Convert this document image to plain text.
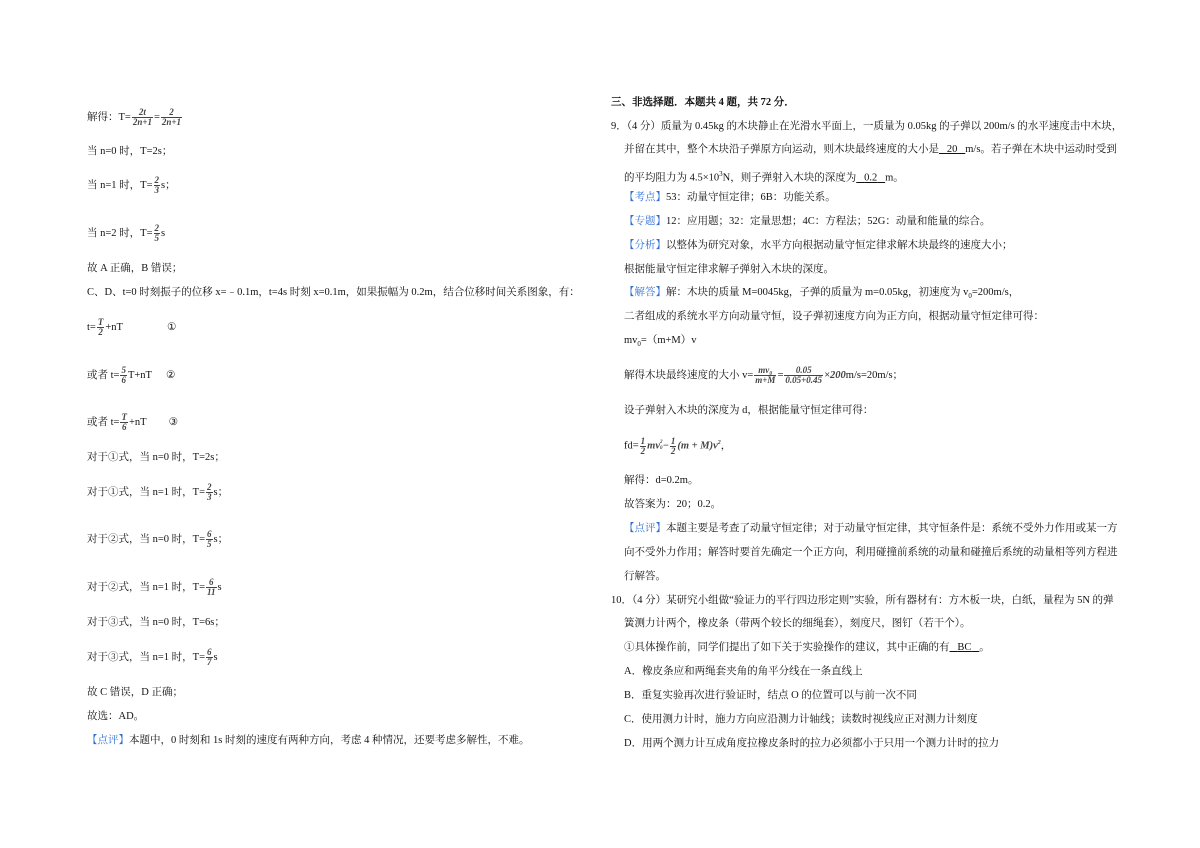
解得：$T= \frac{2t}{2n+1} = \frac{2}{2n+1}$
当 n=0 时，T=2s；
当 n=1 时，$T= \frac{2}{3}$ s；
当 n=2 时，$T= \frac{2}{5}$ s
故 A 正确，B 错误；
C、D、t=0 时刻振子的位移 x=﹣0.1m，t=4s 时刻 x=0.1m，如果振幅为 0.2m，结合位移时间关系图象，有：
$t= \frac{T}{2} +nT$	①
或者 $t= \frac{5}{6} T+nT$ ②
或者 $t= \frac{T}{6} +nT$ ③
对于①式，当 n=0 时，T=2s；
对于①式，当 n=1 时，$T= \frac{2}{3}$ s；
对于②式，当 n=0 时，$T= \frac{6}{5}$ s；
对于②式，当 n=1 时，$T= \frac{6}{11}$ s
对于③式，当 n=0 时，T=6s；
对于③式，当 n=1 时，$T= \frac{6}{7}$ s
故 C 错误，D 正确；
故选：AD。
【点评】本题中，0 时刻和 1s 时刻的速度有两种方向，考虑 4 种情况，还要考虑多解性，不难。
三、非选择题．本题共 4 题，共 72 分．
9．（4 分）质量为 0.45kg 的木块静止在光滑水平面上，一质量为 0.05kg 的子弹以 200m/s 的水平速度击中木块，
并留在其中，整个木块沿子弹原方向运动，则木块最终速度的大小是 20 m/s。若子弹在木块中运动时受到
的平均阻力为 $4.5\times 10^3N$，则子弹射入木块的深度为 0.2 m。
【考点】53：动量守恒定律；6B：功能关系。
【专题】12：应用题；32：定量思想；4C：方程法；52G：动量和能量的综合。
【分析】以整体为研究对象，水平方向根据动量守恒定律求解木块最终的速度大小；
根据能量守恒定律求解子弹射入木块的深度。
【解答】解：木块的质量 M=0045kg，子弹的质量为 m=0.05kg，初速度为 $v_0=200m/s$，
二者组成的系统水平方向动量守恒，设子弹初速度方向为正方向，根据动量守恒定律可得：
$mv_0=(m+M)v$
解得木块最终速度的大小 $v= \frac{\text{mv₀}}{m+M} = \frac{0.05}{0.05+0.45} \times 200m/s=20m/s$；
设子弹射入木块的深度为 d，根据能量守恒定律可得：
$fd= \frac{1}{2}$ mv 2
$0 - \frac{1}{2} (m + M)v^2$，
解得：d=0.2m。
故答案为：20；0.2。
【点评】本题主要是考查了动量守恒定律；对于动量守恒定律，其守恒条件是：系统不受外力作用或某一方
向不受外力作用；解答时要首先确定一个正方向，利用碰撞前系统的动量和碰撞后系统的动量相等列方程进
行解答。
10．（4 分）某研究小组做“验证力的平行四边形定则”实验，所有器材有：方木板一块，白纸，量程为 5N 的弹
簧测力计两个，橡皮条（带两个较长的细绳套），刻度尺，图钉（若干个）。
①具体操作前，同学们提出了如下关于实验操作的建议，其中正确的有 BC 。
A．橡皮条应和两绳套夹角的角平分线在一条直线上
B．重复实验再次进行验证时，结点 O 的位置可以与前一次不同
C．使用测力计时，施力方向应沿测力计轴线；读数时视线应正对测力计刻度
D．用两个测力计互成角度拉橡皮条时的拉力必须都小于只用一个测力计时的拉力
